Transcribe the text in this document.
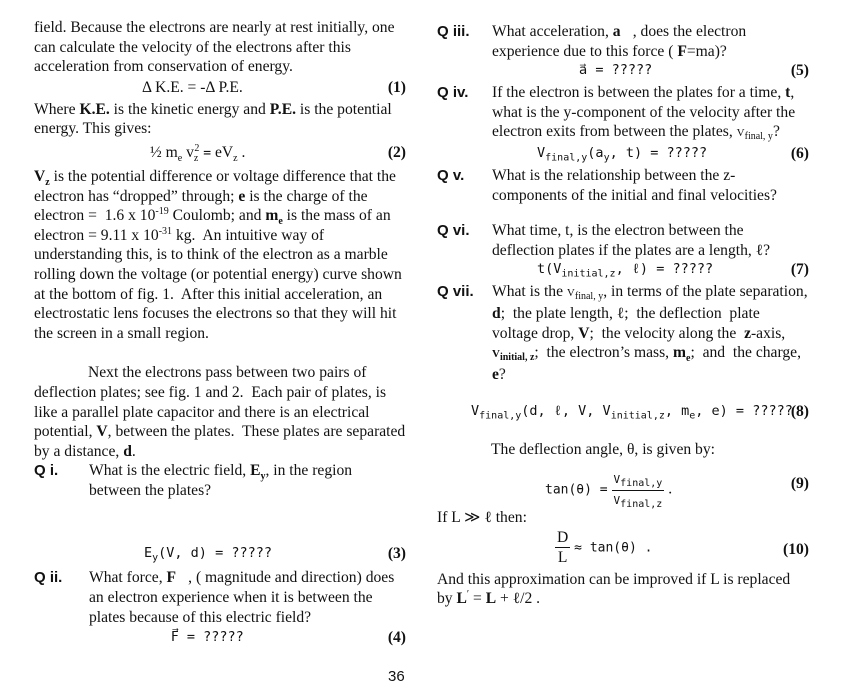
field. Because the electrons are nearly at rest initially, one can calculate the velocity of the electrons after this acceleration from conservation of energy.

Δ K.E. = -Δ P.E.	(1)

Where K.E. is the kinetic energy and P.E. is the potential energy. This gives:

½ $m_e$ $v_z^2 = eV_z$ .	(2)

$V_z$ is the potential difference or voltage difference that the electron has “dropped” through; e is the charge of the electron =  1.6 x $10^{-19}$ Coulomb; and $m_e$ is the mass of an electron = 9.11 x $10^{-31}$ kg.  An intuitive way of understanding this, is to think of the electron as a marble rolling down the voltage (or potential energy) curve shown at the bottom of fig. 1.  After this initial acceleration, an electrostatic lens focuses the electrons so that they will hit the screen in a small region.

Next the electrons pass between two pairs of deflection plates; see fig. 1 and 2.  Each pair of plates, is like a parallel plate capacitor and there is an electrical potential, V, between the plates.  These plates are separated by a distance, d.

Q i. What is the electric field, $E_y$, in the region between the plates?
$E_y(V$, d) = ?????	(3)
Q ii. What force, F⃗, ( magnitude and direction) does an electron experience when it is between the plates because of this electric field?
F⃗ = ?????	(4)
Q iii. What acceleration, a⃗, does the electron experience due to this force ( F=ma)?
a⃗ = ?????	(5)
Q iv. If the electron is between the plates for a time, t, what is the y-component of the velocity after the electron exits from between the plates, $V_{final, y}$?
$V_{final,y}(a_y$, t) = ?????	(6)
Q v. What is the relationship between the z-components of the initial and final velocities?
Q vi. What time, t, is the electron between the deflection plates if the plates are a length, ℓ?
$t(V_{initial,z}$, ℓ) = ?????	(7)
Q vii. What is the $V_{final, y}$, in terms of the plate separation, d;  the plate length, ℓ;  the deflection  plate voltage drop, V;  the velocity along the  z-axis, $V_{initial, z}$;  the electron’s mass, $m_e$;  and  the charge, e?
$V_{final,y}(d$, ℓ, V, $V_{initial,z}$, $m_e$, e) = ?????
(8)

The deflection angle, θ, is given by:

$\tan(\theta) = \frac{V_{final,y}}{V_{final,z}}$ .	(9)

If L ≫ ℓ then:

$\frac{D}{L} \approx \tan(\theta)$ .	(10)

And this approximation can be improved if L is replaced by L′ = L + ℓ/2 .

36
